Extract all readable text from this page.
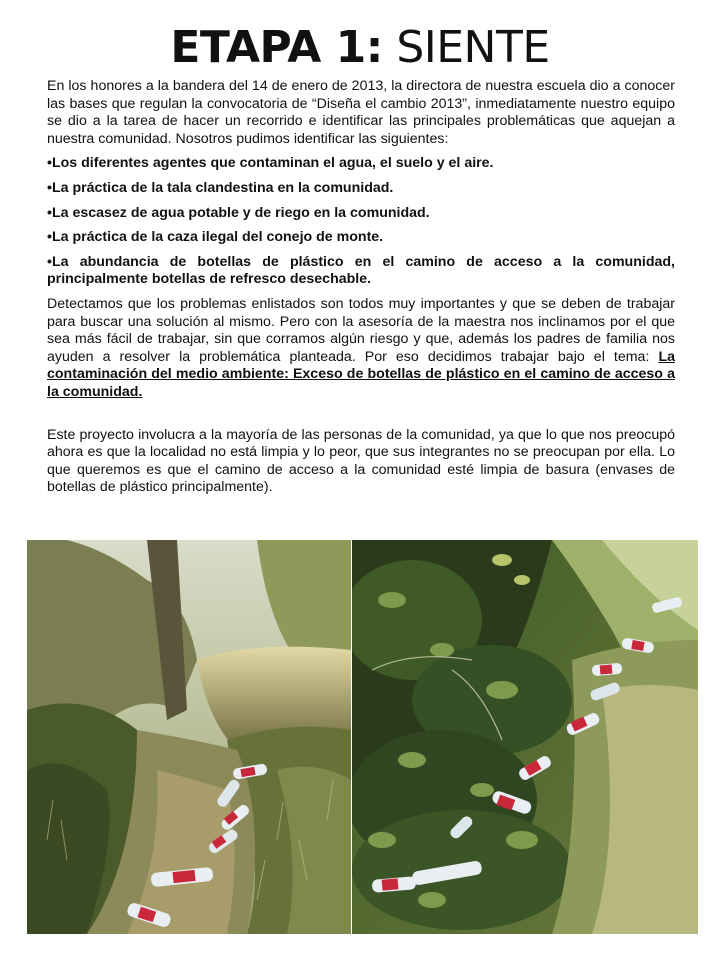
ETAPA 1: SIENTE

En los honores a la bandera del 14 de enero de 2013, la directora de nuestra escuela dio a conocer las bases que regulan la convocatoria de “Diseña el cambio 2013”, inmediatamente nuestro equipo se dio a la tarea de hacer un recorrido e identificar las principales problemáticas que aquejan a nuestra comunidad. Nosotros pudimos identificar las siguientes:

•Los diferentes agentes que contaminan el agua, el suelo y el aire.
•La práctica de la tala clandestina en la comunidad.
•La escasez de agua potable y de riego en la comunidad.
•La práctica de la caza ilegal del conejo de monte.
•La abundancia de botellas de plástico en el camino de acceso a la comunidad, principalmente botellas de refresco desechable.

Detectamos que los problemas enlistados son todos muy importantes y que se deben de trabajar para buscar una solución al mismo. Pero con la asesoría de la maestra nos inclinamos por el que sea más fácil de trabajar, sin que corramos algún riesgo y que, además los padres de familia nos ayuden a resolver la problemática planteada. Por eso decidimos trabajar bajo el tema: La contaminación del medio ambiente: Exceso de botellas de plástico en el camino de acceso a la comunidad.

Este proyecto involucra a la mayoría de las personas de la comunidad, ya que lo que nos preocupó ahora es que la localidad no está limpia y lo peor, que sus integrantes no se preocupan por ella. Lo que queremos es que el camino de acceso a la comunidad esté limpia de basura (envases de botellas de plástico principalmente).
